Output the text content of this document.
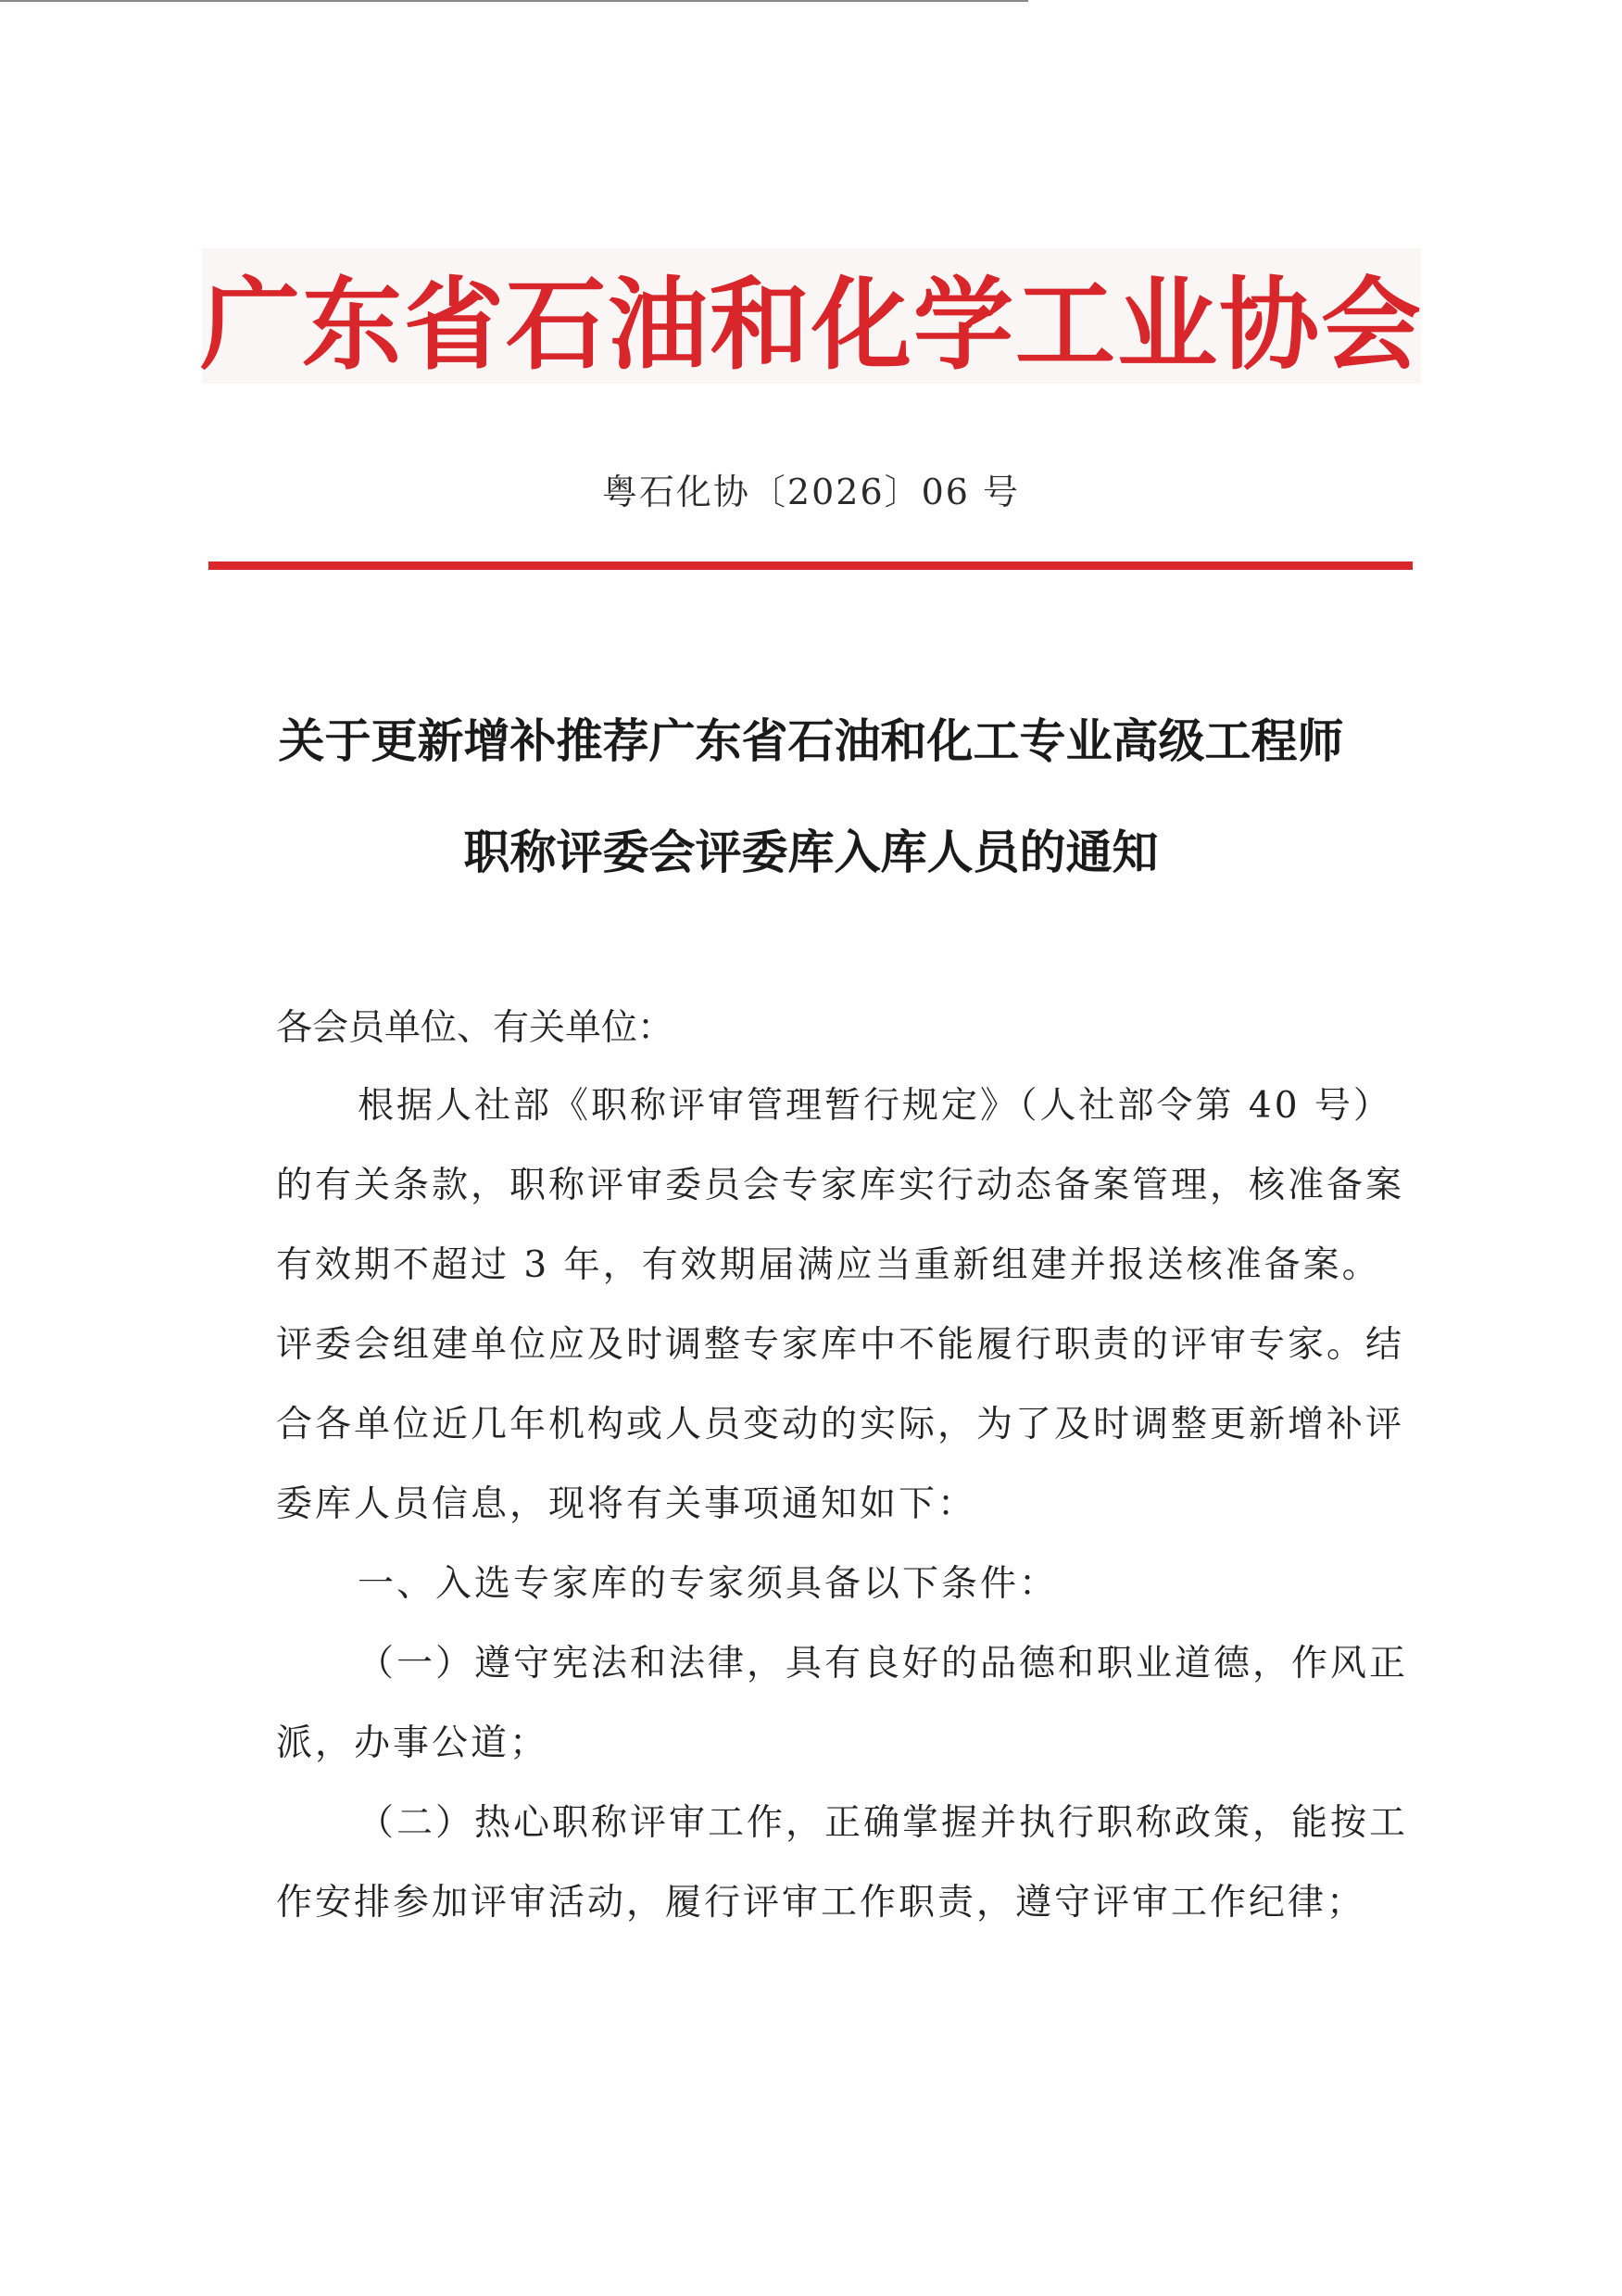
广东省石油和化学工业协会
粤石化协〔2026〕06 号
关于更新增补推荐广东省石油和化工专业高级工程师
职称评委会评委库入库人员的通知
各会员单位、有关单位：
根据人社部《职称评审管理暂行规定》（人社部令第 40 号）
的有关条款，职称评审委员会专家库实行动态备案管理，核准备案
有效期不超过 3 年，有效期届满应当重新组建并报送核准备案。
评委会组建单位应及时调整专家库中不能履行职责的评审专家。结
合各单位近几年机构或人员变动的实际，为了及时调整更新增补评
委库人员信息，现将有关事项通知如下：
一、入选专家库的专家须具备以下条件：
（一）遵守宪法和法律，具有良好的品德和职业道德，作风正
派，办事公道；
（二）热心职称评审工作，正确掌握并执行职称政策，能按工
作安排参加评审活动，履行评审工作职责，遵守评审工作纪律；
